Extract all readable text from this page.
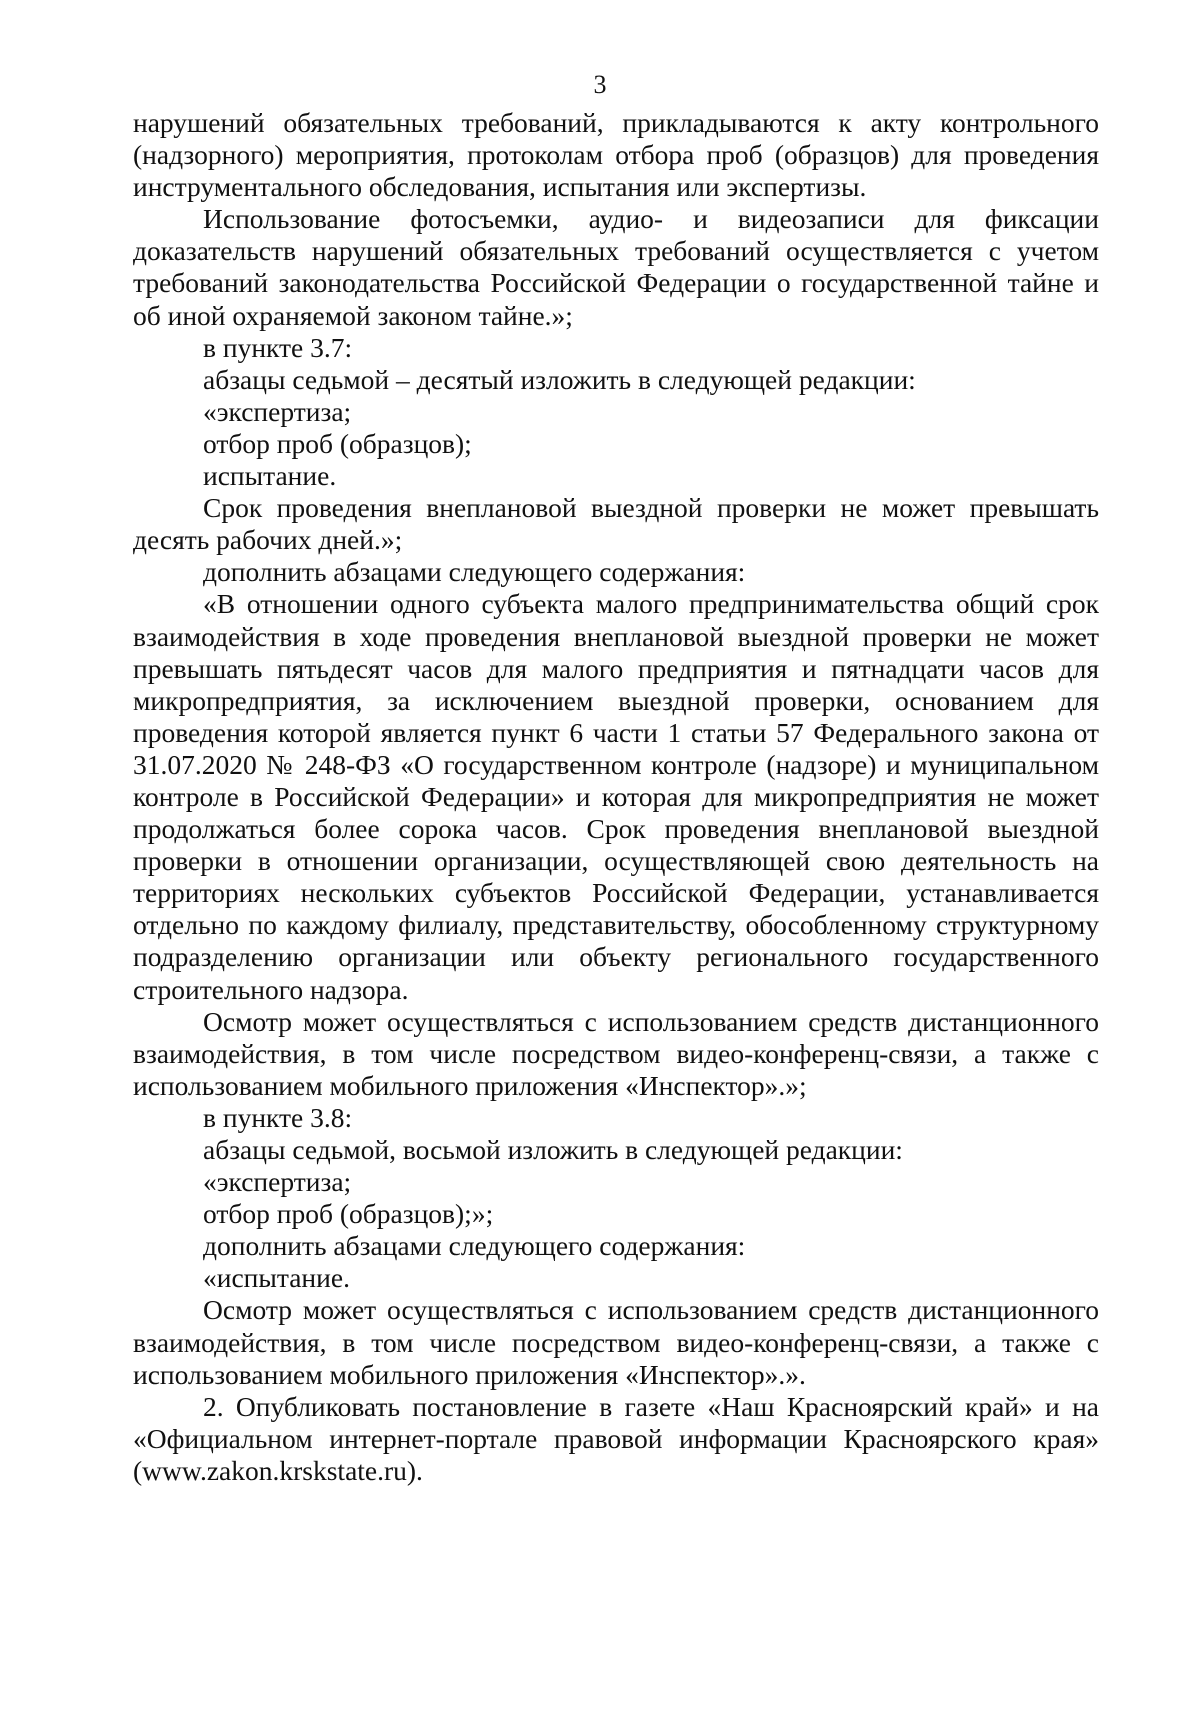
3

нарушений обязательных требований, прикладываются к акту контрольного (надзорного) мероприятия, протоколам отбора проб (образцов) для проведения инструментального обследования, испытания или экспертизы.

Использование фотосъемки, аудио- и видеозаписи для фиксации доказательств нарушений обязательных требований осуществляется с учетом требований законодательства Российской Федерации о государственной тайне и об иной охраняемой законом тайне.»;

в пункте 3.7:

абзацы седьмой – десятый изложить в следующей редакции:

«экспертиза;

отбор проб (образцов);

испытание.

Срок проведения внеплановой выездной проверки не может превышать десять рабочих дней.»;

дополнить абзацами следующего содержания:

«В отношении одного субъекта малого предпринимательства общий срок взаимодействия в ходе проведения внеплановой выездной проверки не может превышать пятьдесят часов для малого предприятия и пятнадцати часов для микропредприятия, за исключением выездной проверки, основанием для проведения которой является пункт 6 части 1 статьи 57 Федерального закона от 31.07.2020 № 248-ФЗ «О государственном контроле (надзоре) и муниципальном контроле в Российской Федерации» и которая для микропредприятия не может продолжаться более сорока часов. Срок проведения внеплановой выездной проверки в отношении организации, осуществляющей свою деятельность на территориях нескольких субъектов Российской Федерации, устанавливается отдельно по каждому филиалу, представительству, обособленному структурному подразделению организации или объекту регионального государственного строительного надзора.

Осмотр может осуществляться с использованием средств дистанционного взаимодействия, в том числе посредством видео-конференц-связи, а также с использованием мобильного приложения «Инспектор».»;

в пункте 3.8:

абзацы седьмой, восьмой изложить в следующей редакции:

«экспертиза;

отбор проб (образцов);»;

дополнить абзацами следующего содержания:

«испытание.

Осмотр может осуществляться с использованием средств дистанционного взаимодействия, в том числе посредством видео-конференц-связи, а также с использованием мобильного приложения «Инспектор».».

2. Опубликовать постановление в газете «Наш Красноярский край» и на «Официальном интернет-портале правовой информации Красноярского края» (www.zakon.krskstate.ru).
